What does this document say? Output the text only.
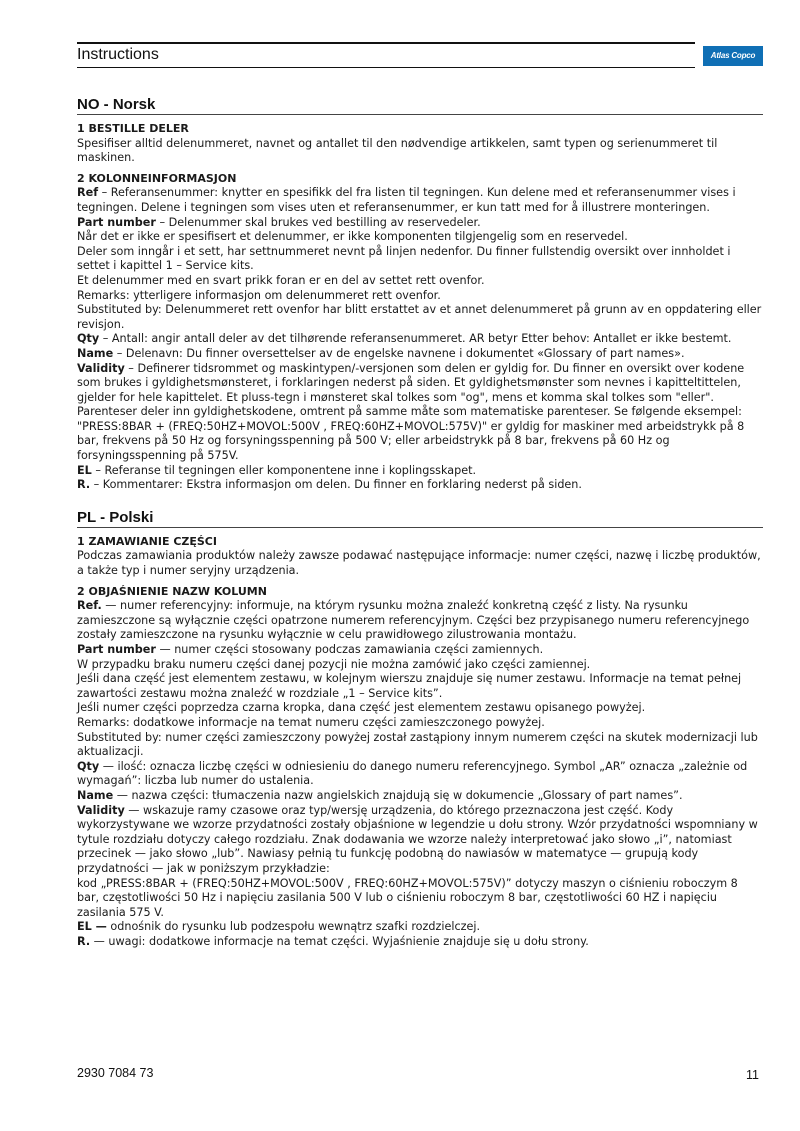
Instructions	Atlas Copco
NO - Norsk

1 BESTILLE DELER

Spesifiser alltid delenummeret, navnet og antallet til den nødvendige artikkelen, samt typen og serienummeret til maskinen.

2 KOLONNEINFORMASJON

Ref – Referansenummer: knytter en spesifikk del fra listen til tegningen. Kun delene med et referansenummer vises i tegningen. Delene i tegningen som vises uten et referansenummer, er kun tatt med for å illustrere monteringen.

Part number – Delenummer skal brukes ved bestilling av reservedeler.

Når det er ikke er spesifisert et delenummer, er ikke komponenten tilgjengelig som en reservedel.

Deler som inngår i et sett, har settnummeret nevnt på linjen nedenfor. Du finner fullstendig oversikt over innholdet i settet i kapittel 1 – Service kits.

Et delenummer med en svart prikk foran er en del av settet rett ovenfor.

Remarks: ytterligere informasjon om delenummeret rett ovenfor.

Substituted by: Delenummeret rett ovenfor har blitt erstattet av et annet delenummeret på grunn av en oppdatering eller revisjon.

Qty – Antall: angir antall deler av det tilhørende referansenummeret. AR betyr Etter behov: Antallet er ikke bestemt.

Name – Delenavn: Du finner oversettelser av de engelske navnene i dokumentet «Glossary of part names».

Validity – Definerer tidsrommet og maskintypen/-versjonen som delen er gyldig for. Du finner en oversikt over kodene som brukes i gyldighetsmønsteret, i forklaringen nederst på siden. Et gyldighetsmønster som nevnes i kapitteltittelen, gjelder for hele kapittelet. Et pluss-tegn i mønsteret skal tolkes som "og", mens et komma skal tolkes som "eller". Parenteser deler inn gyldighetskodene, omtrent på samme måte som matematiske parenteser. Se følgende eksempel:

"PRESS:8BAR + (FREQ:50HZ+MOVOL:500V , FREQ:60HZ+MOVOL:575V)" er gyldig for maskiner med arbeidstrykk på 8 bar, frekvens på 50 Hz og forsyningsspenning på 500 V; eller arbeidstrykk på 8 bar, frekvens på 60 Hz og forsyningsspenning på 575V.

EL – Referanse til tegningen eller komponentene inne i koplingsskapet.

R. – Kommentarer: Ekstra informasjon om delen. Du finner en forklaring nederst på siden.

PL - Polski

1 ZAMAWIANIE CZĘŚCI

Podczas zamawiania produktów należy zawsze podawać następujące informacje: numer części, nazwę i liczbę produktów, a także typ i numer seryjny urządzenia.

2 OBJAŚNIENIE NAZW KOLUMN

Ref. — numer referencyjny: informuje, na którym rysunku można znaleźć konkretną część z listy. Na rysunku zamieszczone są wyłącznie części opatrzone numerem referencyjnym. Części bez przypisanego numeru referencyjnego zostały zamieszczone na rysunku wyłącznie w celu prawidłowego zilustrowania montażu.

Part number — numer części stosowany podczas zamawiania części zamiennych.

W przypadku braku numeru części danej pozycji nie można zamówić jako części zamiennej.

Jeśli dana część jest elementem zestawu, w kolejnym wierszu znajduje się numer zestawu. Informacje na temat pełnej zawartości zestawu można znaleźć w rozdziale „1 – Service kits”.

Jeśli numer części poprzedza czarna kropka, dana część jest elementem zestawu opisanego powyżej.

Remarks: dodatkowe informacje na temat numeru części zamieszczonego powyżej.

Substituted by: numer części zamieszczony powyżej został zastąpiony innym numerem części na skutek modernizacji lub aktualizacji.

Qty — ilość: oznacza liczbę części w odniesieniu do danego numeru referencyjnego. Symbol „AR” oznacza „zależnie od wymagań”: liczba lub numer do ustalenia.

Name — nazwa części: tłumaczenia nazw angielskich znajdują się w dokumencie „Glossary of part names”.

Validity — wskazuje ramy czasowe oraz typ/wersję urządzenia, do którego przeznaczona jest część. Kody wykorzystywane we wzorze przydatności zostały objaśnione w legendzie u dołu strony. Wzór przydatności wspomniany w tytule rozdziału dotyczy całego rozdziału. Znak dodawania we wzorze należy interpretować jako słowo „i”, natomiast przecinek — jako słowo „lub”. Nawiasy pełnią tu funkcję podobną do nawiasów w matematyce — grupują kody przydatności — jak w poniższym przykładzie:

kod „PRESS:8BAR + (FREQ:50HZ+MOVOL:500V , FREQ:60HZ+MOVOL:575V)” dotyczy maszyn o ciśnieniu roboczym 8 bar, częstotliwości 50 Hz i napięciu zasilania 500 V lub o ciśnieniu roboczym 8 bar, częstotliwości 60 HZ i napięciu zasilania 575 V.

EL — odnośnik do rysunku lub podzespołu wewnątrz szafki rozdzielczej.

R. — uwagi: dodatkowe informacje na temat części. Wyjaśnienie znajduje się u dołu strony.

2930 7084 73	11
